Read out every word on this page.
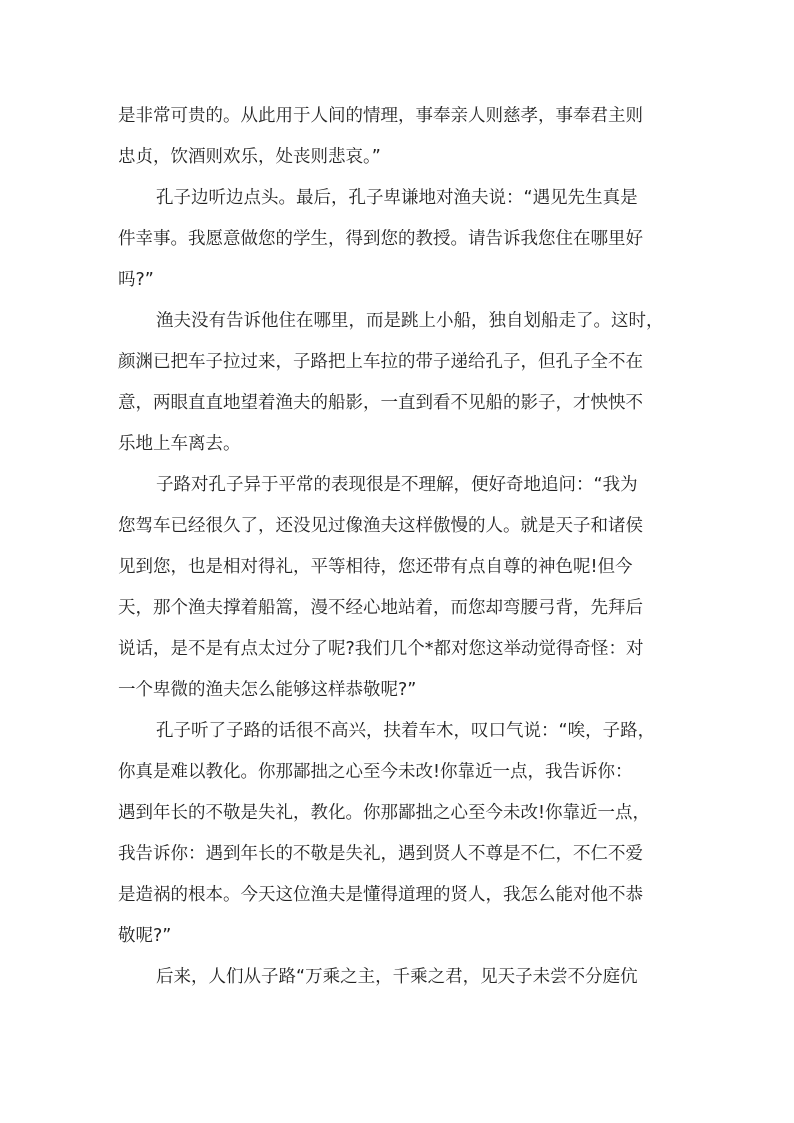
是非常可贵的。从此用于人间的情理，事奉亲人则慈孝，事奉君主则
忠贞，饮酒则欢乐，处丧则悲哀。”
孔子边听边点头。最后，孔子卑谦地对渔夫说：“遇见先生真是
件幸事。我愿意做您的学生，得到您的教授。请告诉我您住在哪里好
吗?”
渔夫没有告诉他住在哪里，而是跳上小船，独自划船走了。这时，
颜渊已把车子拉过来，子路把上车拉的带子递给孔子，但孔子全不在
意，两眼直直地望着渔夫的船影，一直到看不见船的影子，才怏怏不
乐地上车离去。
子路对孔子异于平常的表现很是不理解，便好奇地追问：“我为
您驾车已经很久了，还没见过像渔夫这样傲慢的人。就是天子和诸侯
见到您，也是相对得礼，平等相待，您还带有点自尊的神色呢!但今
天，那个渔夫撑着船篙，漫不经心地站着，而您却弯腰弓背，先拜后
说话，是不是有点太过分了呢?我们几个*都对您这举动觉得奇怪：对
一个卑微的渔夫怎么能够这样恭敬呢?”
孔子听了子路的话很不高兴，扶着车木，叹口气说：“唉，子路，
你真是难以教化。你那鄙拙之心至今未改!你靠近一点，我告诉你：
遇到年长的不敬是失礼，教化。你那鄙拙之心至今未改!你靠近一点，
我告诉你：遇到年长的不敬是失礼，遇到贤人不尊是不仁，不仁不爱
是造祸的根本。今天这位渔夫是懂得道理的贤人，我怎么能对他不恭
敬呢?”
后来，人们从子路“万乘之主，千乘之君，见天子未尝不分庭伉
